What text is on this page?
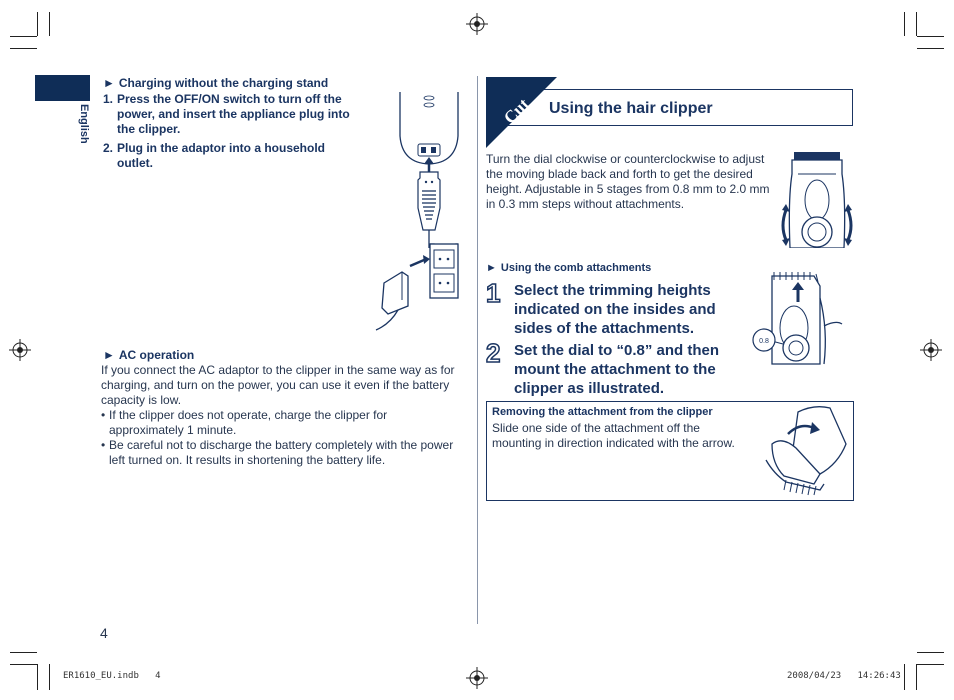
English
► Charging without the charging stand
1. Press the OFF/ON switch to turn off the power, and insert the appliance plug into the clipper.
2. Plug in the adaptor into a household outlet.
► AC operation
If you connect the AC adaptor to the clipper in the same way as for charging, and turn on the power, you can use it even if the battery capacity is low.
• If the clipper does not operate, charge the clipper for approximately 1 minute.
• Be careful not to discharge the battery completely with the power left turned on. It results in shortening the battery life.
4
Cut Using the hair clipper
Turn the dial clockwise or counterclockwise to adjust the moving blade back and forth to get the desired height. Adjustable in 5 stages from 0.8 mm to 2.0 mm in 0.3 mm steps without attachments.
► Using the comb attachments
1 Select the trimming heights indicated on the insides and sides of the attachments.
2 Set the dial to “0.8” and then mount the attachment to the clipper as illustrated.
0.8
Removing the attachment from the clipper
Slide one side of the attachment off the mounting in direction indicated with the arrow.
ER1610_EU.indb   4	2008/04/23   14:26:43
